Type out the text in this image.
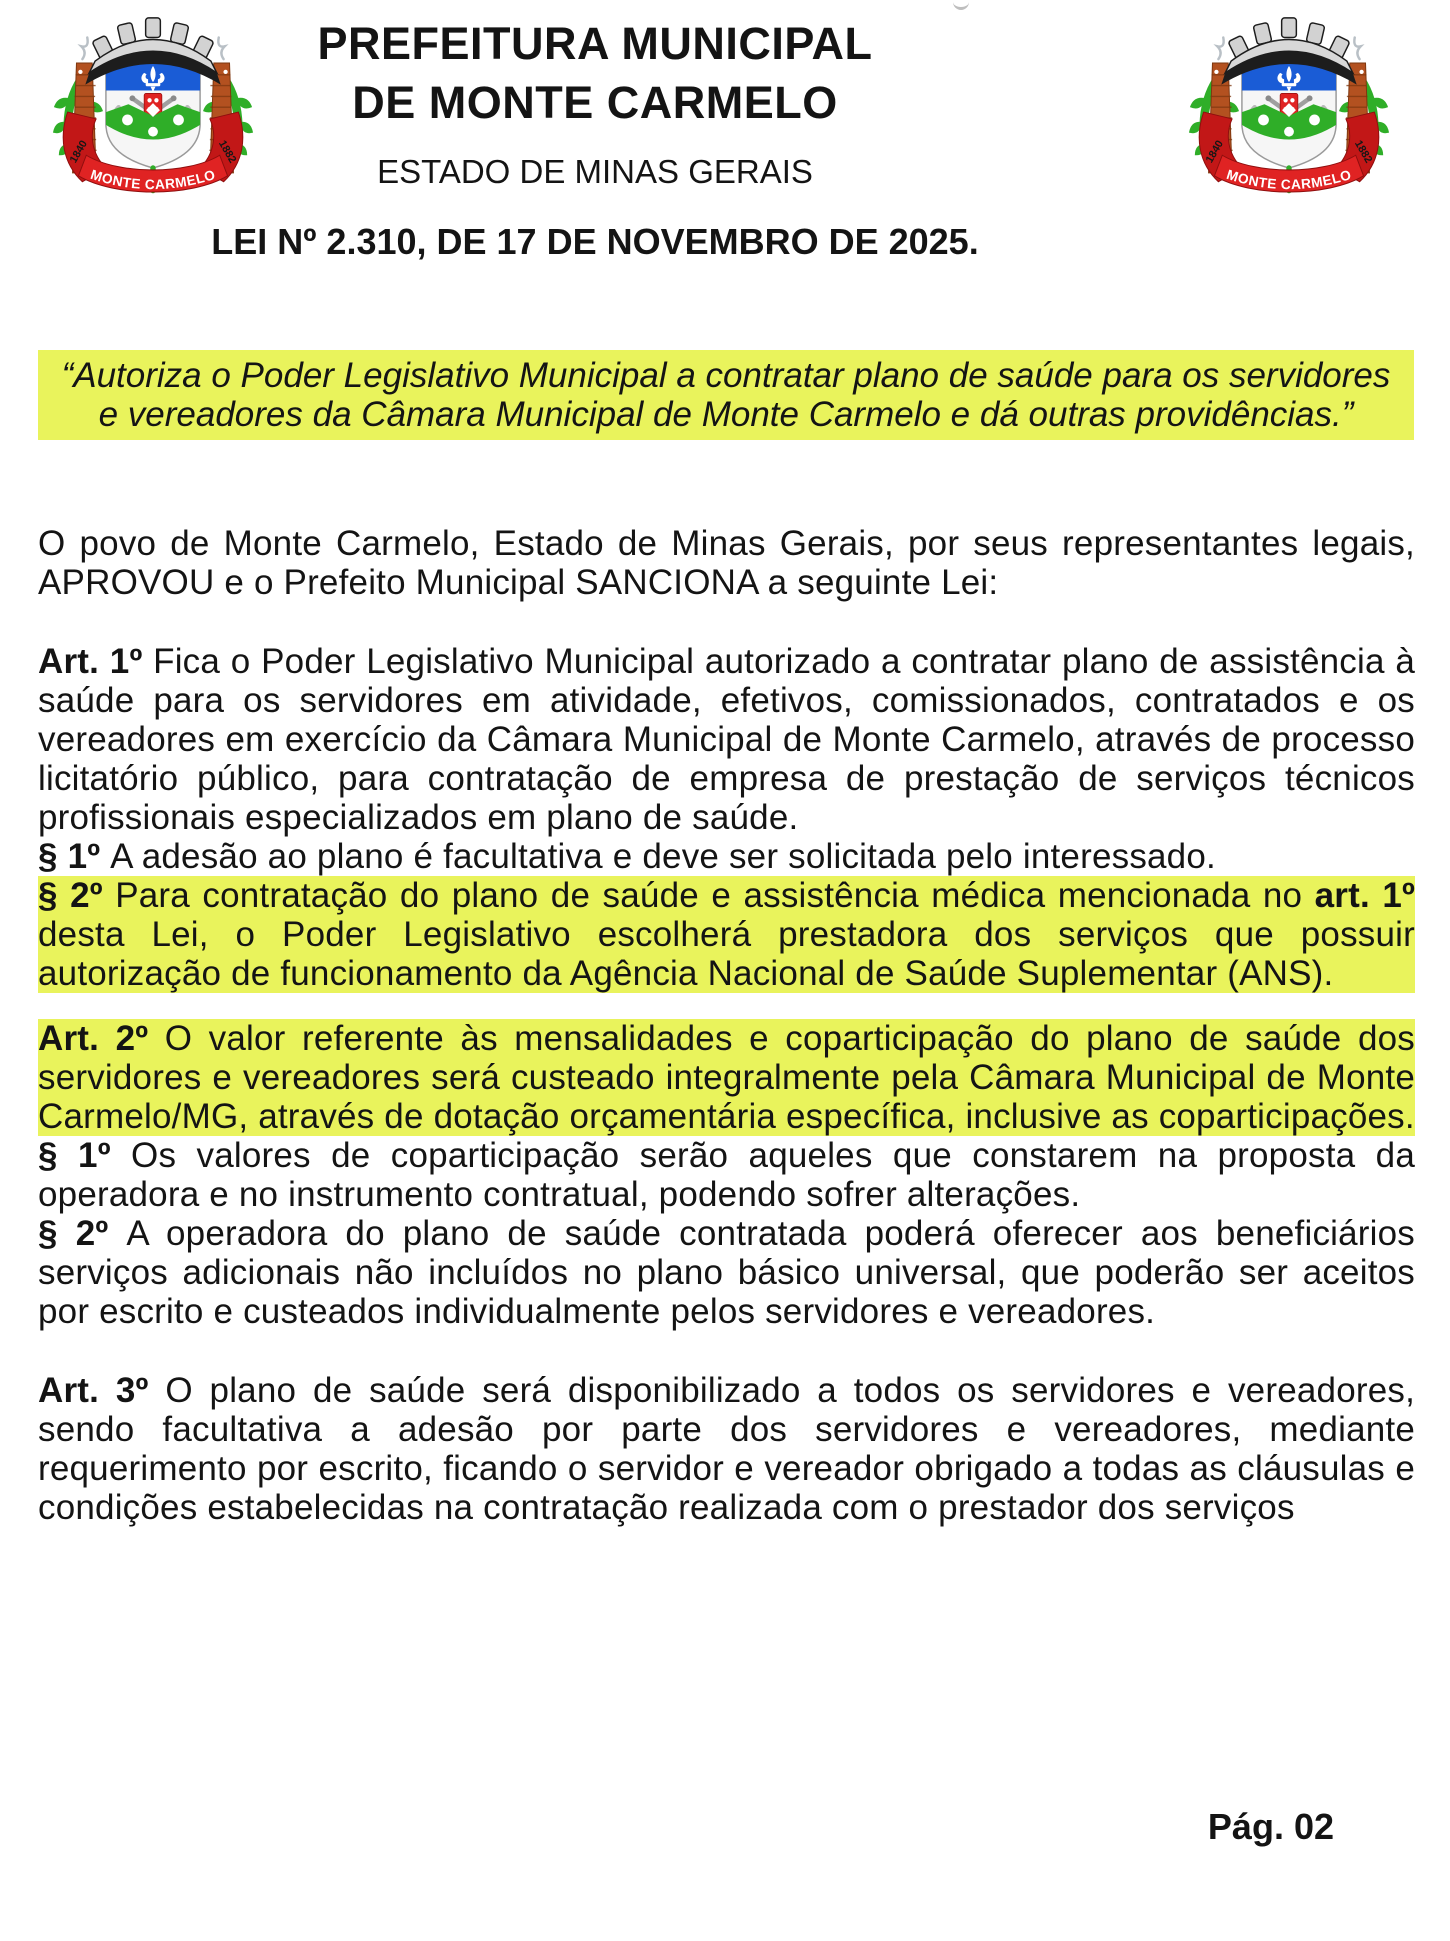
PREFEITURA MUNICIPAL
DE MONTE CARMELO
ESTADO DE MINAS GERAIS
LEI Nº 2.310, DE 17 DE NOVEMBRO DE 2025.

“Autoriza o Poder Legislativo Municipal a contratar plano de saúde para os servidores e vereadores da Câmara Municipal de Monte Carmelo e dá outras providências.”

O povo de Monte Carmelo, Estado de Minas Gerais, por seus representantes legais, APROVOU e o Prefeito Municipal SANCIONA a seguinte Lei:

Art. 1º Fica o Poder Legislativo Municipal autorizado a contratar plano de assistência à saúde para os servidores em atividade, efetivos, comissionados, contratados e os vereadores em exercício da Câmara Municipal de Monte Carmelo, através de processo licitatório público, para contratação de empresa de prestação de serviços técnicos profissionais especializados em plano de saúde.

§ 1º A adesão ao plano é facultativa e deve ser solicitada pelo interessado.

§ 2º Para contratação do plano de saúde e assistência médica mencionada no art. 1º desta Lei, o Poder Legislativo escolherá prestadora dos serviços que possuir autorização de funcionamento da Agência Nacional de Saúde Suplementar (ANS).

Art. 2º O valor referente às mensalidades e coparticipação do plano de saúde dos servidores e vereadores será custeado integralmente pela Câmara Municipal de Monte Carmelo/MG, através de dotação orçamentária específica, inclusive as coparticipações.

§ 1º Os valores de coparticipação serão aqueles que constarem na proposta da operadora e no instrumento contratual, podendo sofrer alterações.

§ 2º A operadora do plano de saúde contratada poderá oferecer aos beneficiários serviços adicionais não incluídos no plano básico universal, que poderão ser aceitos por escrito e custeados individualmente pelos servidores e vereadores.

Art. 3º O plano de saúde será disponibilizado a todos os servidores e vereadores, sendo facultativa a adesão por parte dos servidores e vereadores, mediante requerimento por escrito, ficando o servidor e vereador obrigado a todas as cláusulas e condições estabelecidas na contratação realizada com o prestador dos serviços

Pág. 02
